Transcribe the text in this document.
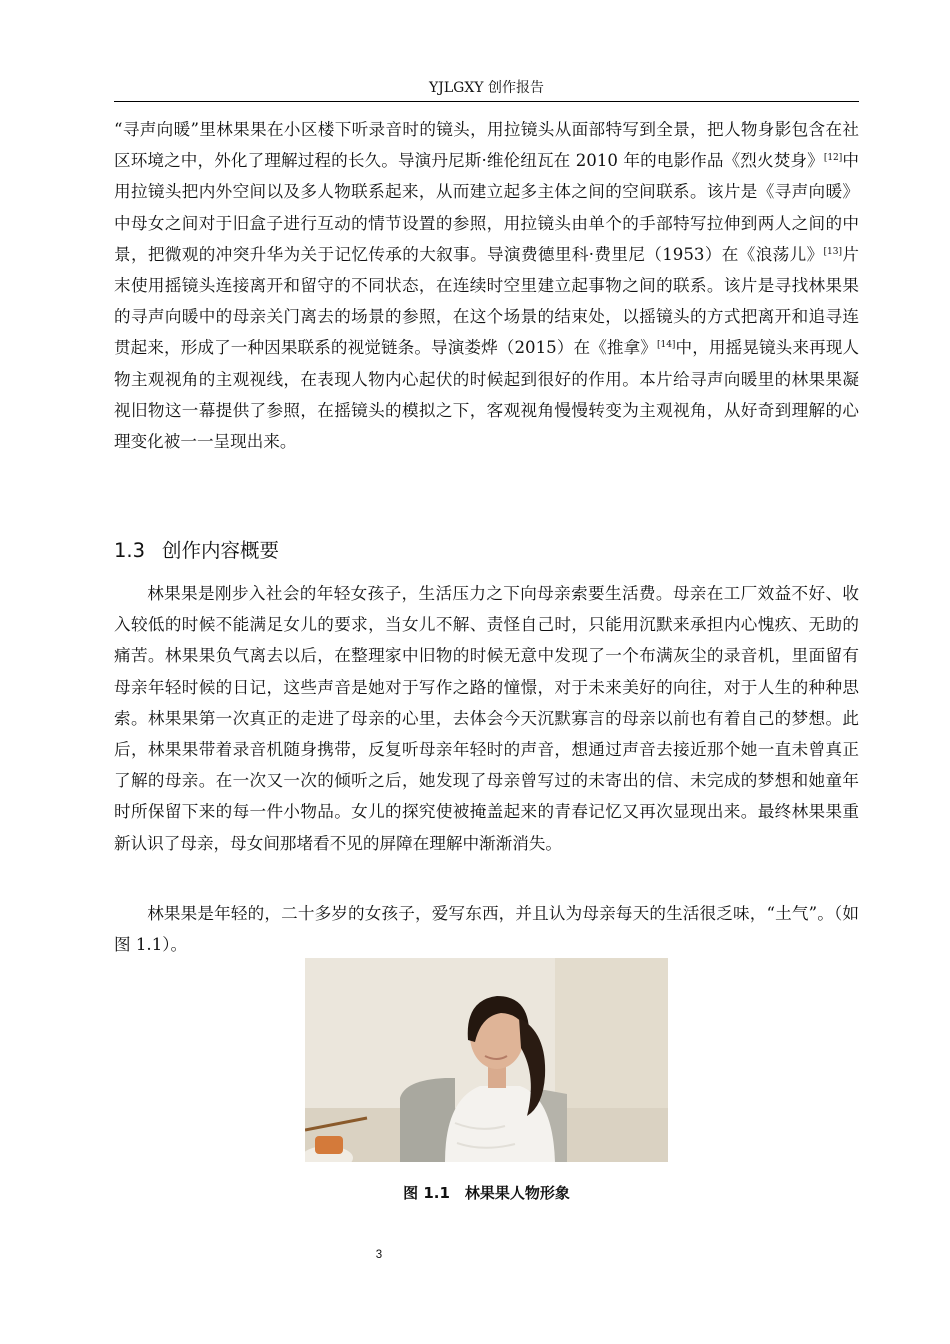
YJLGXY 创作报告

“寻声向暖”里林果果在小区楼下听录音时的镜头，用拉镜头从面部特写到全景，把人物身影包含在社区环境之中，外化了理解过程的长久。导演丹尼斯·维伦纽瓦在 2010 年的电影作品《烈火焚身》[12]中用拉镜头把内外空间以及多人物联系起来，从而建立起多主体之间的空间联系。该片是《寻声向暖》中母女之间对于旧盒子进行互动的情节设置的参照，用拉镜头由单个的手部特写拉伸到两人之间的中景，把微观的冲突升华为关于记忆传承的大叙事。导演费德里科·费里尼（1953）在《浪荡儿》[13]片末使用摇镜头连接离开和留守的不同状态，在连续时空里建立起事物之间的联系。该片是寻找林果果的寻声向暖中的母亲关门离去的场景的参照，在这个场景的结束处，以摇镜头的方式把离开和追寻连贯起来，形成了一种因果联系的视觉链条。导演娄烨（2015）在《推拿》[14]中，用摇晃镜头来再现人物主观视角的主观视线，在表现人物内心起伏的时候起到很好的作用。本片给寻声向暖里的林果果凝视旧物这一幕提供了参照，在摇镜头的模拟之下，客观视角慢慢转变为主观视角，从好奇到理解的心理变化被一一呈现出来。

1.3 创作内容概要

林果果是刚步入社会的年轻女孩子，生活压力之下向母亲索要生活费。母亲在工厂效益不好、收入较低的时候不能满足女儿的要求，当女儿不解、责怪自己时，只能用沉默来承担内心愧疚、无助的痛苦。林果果负气离去以后，在整理家中旧物的时候无意中发现了一个布满灰尘的录音机，里面留有母亲年轻时候的日记，这些声音是她对于写作之路的憧憬，对于未来美好的向往，对于人生的种种思索。林果果第一次真正的走进了母亲的心里，去体会今天沉默寡言的母亲以前也有着自己的梦想。此后，林果果带着录音机随身携带，反复听母亲年轻时的声音，想通过声音去接近那个她一直未曾真正了解的母亲。在一次又一次的倾听之后，她发现了母亲曾写过的未寄出的信、未完成的梦想和她童年时所保留下来的每一件小物品。女儿的探究使被掩盖起来的青春记忆又再次显现出来。最终林果果重新认识了母亲，母女间那堵看不见的屏障在理解中渐渐消失。

林果果是年轻的，二十多岁的女孩子，爱写东西，并且认为母亲每天的生活很乏味，“土气”。（如图 1.1）。

图 1.1　林果果人物形象
3
